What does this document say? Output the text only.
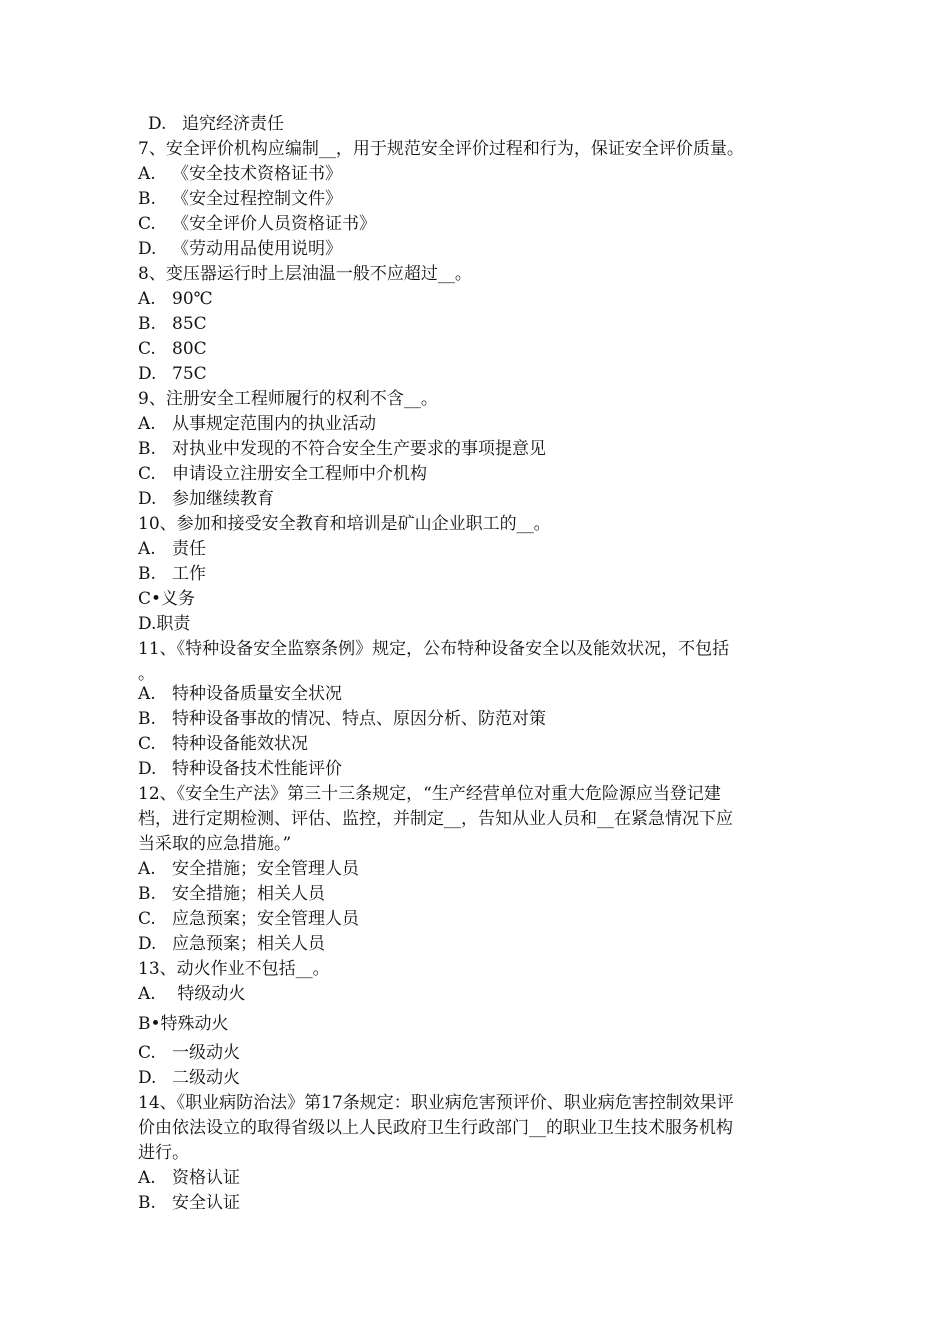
D. 追究经济责任
7、安全评价机构应编制__，用于规范安全评价过程和行为，保证安全评价质量。
A. 《安全技术资格证书》
B. 《安全过程控制文件》
C. 《安全评价人员资格证书》
D. 《劳动用品使用说明》
8、变压器运行时上层油温一般不应超过__。
A. 90℃
B. 85C
C. 80C
D. 75C
9、注册安全工程师履行的权利不含__。
A. 从事规定范围内的执业活动
B. 对执业中发现的不符合安全生产要求的事项提意见
C. 申请设立注册安全工程师中介机构
D. 参加继续教育
10、参加和接受安全教育和培训是矿山企业职工的__。
A. 责任
B. 工作
C•义务
D.职责
11、《特种设备安全监察条例》规定，公布特种设备安全以及能效状况，不包括
。
A. 特种设备质量安全状况
B. 特种设备事故的情况、特点、原因分析、防范对策
C. 特种设备能效状况
D. 特种设备技术性能评价
12、《安全生产法》第三十三条规定，“生产经营单位对重大危险源应当登记建
档，进行定期检测、评估、监控，并制定__，告知从业人员和__在紧急情况下应
当采取的应急措施。”
A. 安全措施；安全管理人员
B. 安全措施；相关人员
C. 应急预案；安全管理人员
D. 应急预案；相关人员
13、动火作业不包括__。
A. 特级动火
B•特殊动火
C. 一级动火
D. 二级动火
14、《职业病防治法》第17条规定：职业病危害预评价、职业病危害控制效果评
价由依法设立的取得省级以上人民政府卫生行政部门__的职业卫生技术服务机构
进行。
A. 资格认证
B. 安全认证
